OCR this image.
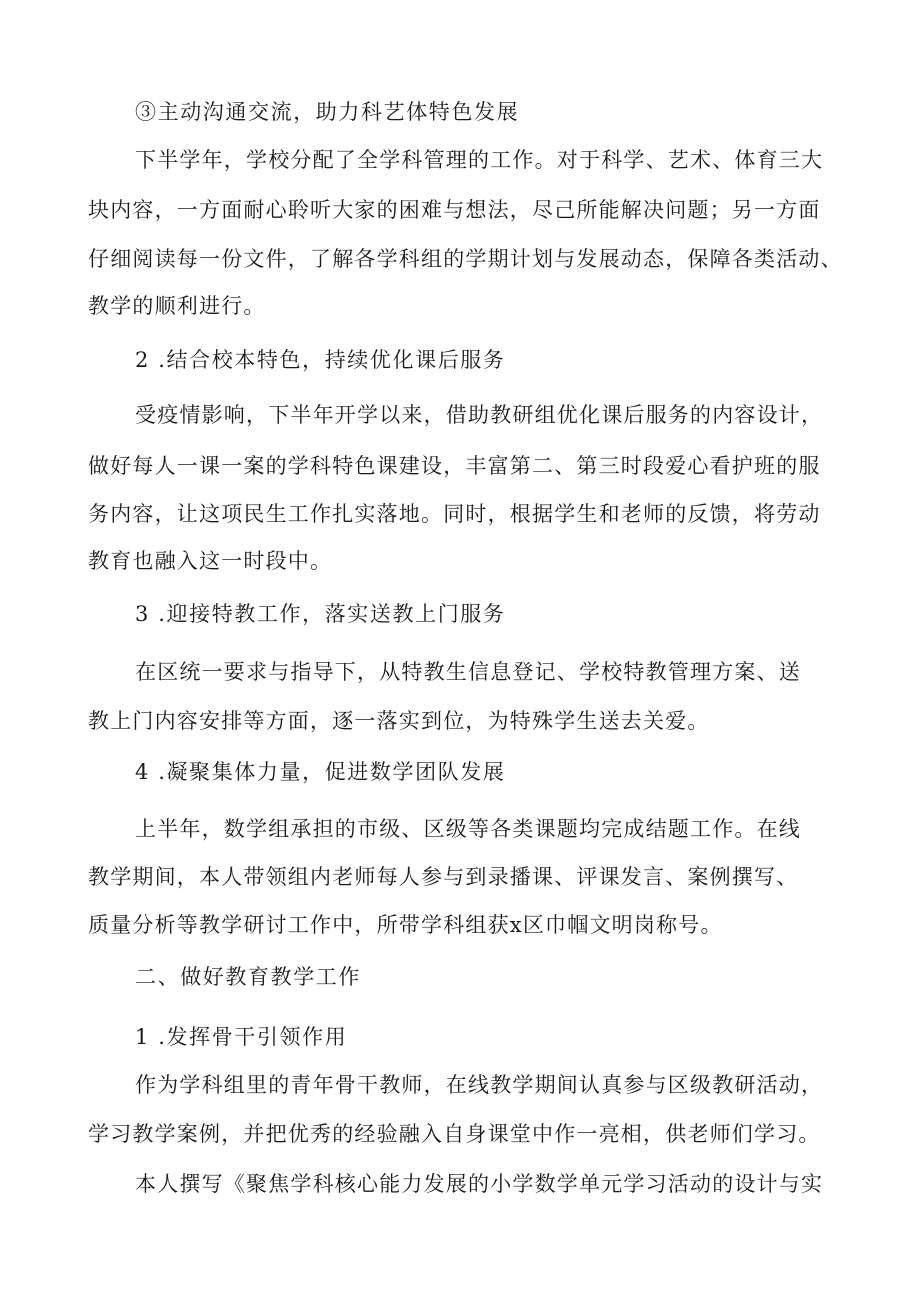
③主动沟通交流，助力科艺体特色发展
下半学年，学校分配了全学科管理的工作。对于科学、艺术、体育三大
块内容，一方面耐心聆听大家的困难与想法，尽己所能解决问题；另一方面
仔细阅读每一份文件，了解各学科组的学期计划与发展动态，保障各类活动、
教学的顺利进行。
2 .结合校本特色，持续优化课后服务
受疫情影响，下半年开学以来，借助教研组优化课后服务的内容设计，
做好每人一课一案的学科特色课建设，丰富第二、第三时段爱心看护班的服
务内容，让这项民生工作扎实落地。同时，根据学生和老师的反馈，将劳动
教育也融入这一时段中。
3 .迎接特教工作，落实送教上门服务
在区统一要求与指导下，从特教生信息登记、学校特教管理方案、送
教上门内容安排等方面，逐一落实到位，为特殊学生送去关爱。
4 .凝聚集体力量，促进数学团队发展
上半年，数学组承担的市级、区级等各类课题均完成结题工作。在线
教学期间，本人带领组内老师每人参与到录播课、评课发言、案例撰写、
质量分析等教学研讨工作中，所带学科组获x区巾帼文明岗称号。
二、做好教育教学工作
1 .发挥骨干引领作用
作为学科组里的青年骨干教师，在线教学期间认真参与区级教研活动，
学习教学案例，并把优秀的经验融入自身课堂中作一亮相，供老师们学习。
本人撰写《聚焦学科核心能力发展的小学数学单元学习活动的设计与实
